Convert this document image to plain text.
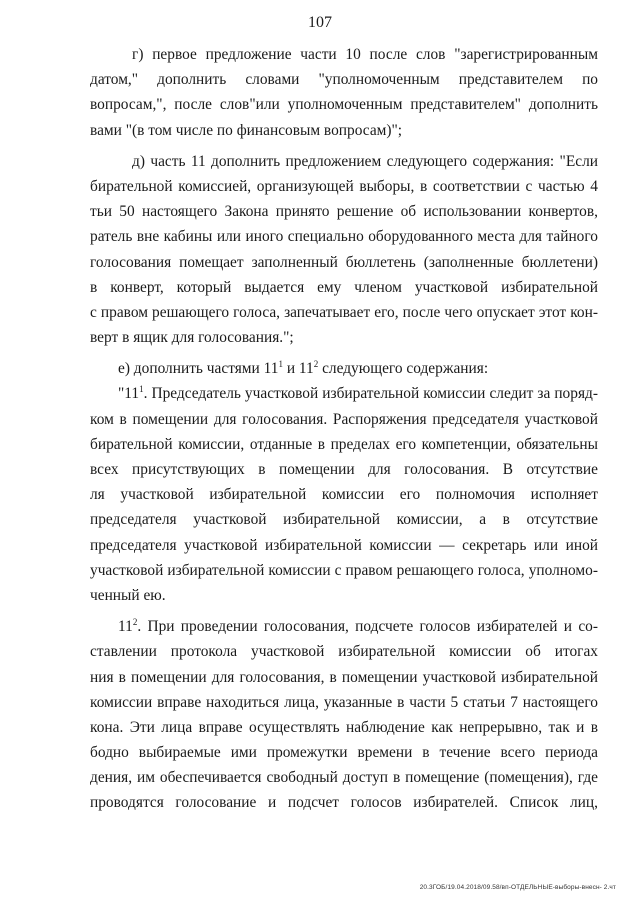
107
г) первое предложение части 10 после слов "зарегистрированным
датом," дополнить словами "уполномоченным представителем по
вопросам,", после слов"или уполномоченным представителем" дополнить
вами "(в том числе по финансовым вопросам)";
д) часть 11 дополнить предложением следующего содержания: "Если
бирательной комиссией, организующей выборы, в соответствии с частью 4
тьи 50 настоящего Закона принято решение об использовании конвертов,
ратель вне кабины или иного специально оборудованного места для тайного
голосования помещает заполненный бюллетень (заполненные бюллетени)
в конверт, который выдается ему членом участковой избирательной
с правом решающего голоса, запечатывает его, после чего опускает этот кон-
верт в ящик для голосования.";
е) дополнить частями $11^1$ и $11^2$ следующего содержания:
"$11^1$. Председатель участковой избирательной комиссии следит за поряд-
ком в помещении для голосования. Распоряжения председателя участковой
бирательной комиссии, отданные в пределах его компетенции, обязательны
всех присутствующих в помещении для голосования. В отсутствие
ля участковой избирательной комиссии его полномочия исполняет
председателя участковой избирательной комиссии, а в отсутствие
председателя участковой избирательной комиссии — секретарь или иной
участковой избирательной комиссии с правом решающего голоса, уполномо-
ченный ею.
$11^2$. При проведении голосования, подсчете голосов избирателей и со-
ставлении протокола участковой избирательной комиссии об итогах
ния в помещении для голосования, в помещении участковой избирательной
комиссии вправе находиться лица, указанные в части 5 статьи 7 настоящего
кона. Эти лица вправе осуществлять наблюдение как непрерывно, так и в
бодно выбираемые ими промежутки времени в течение всего периода
дения, им обеспечивается свободный доступ в помещение (помещения), где
проводятся голосование и подсчет голосов избирателей. Список лиц,
20.3ГОБ/19.04.2018/09.58/вп-ОТДЕЛЬНЫЕ-выборы-внесн- 2.чт
